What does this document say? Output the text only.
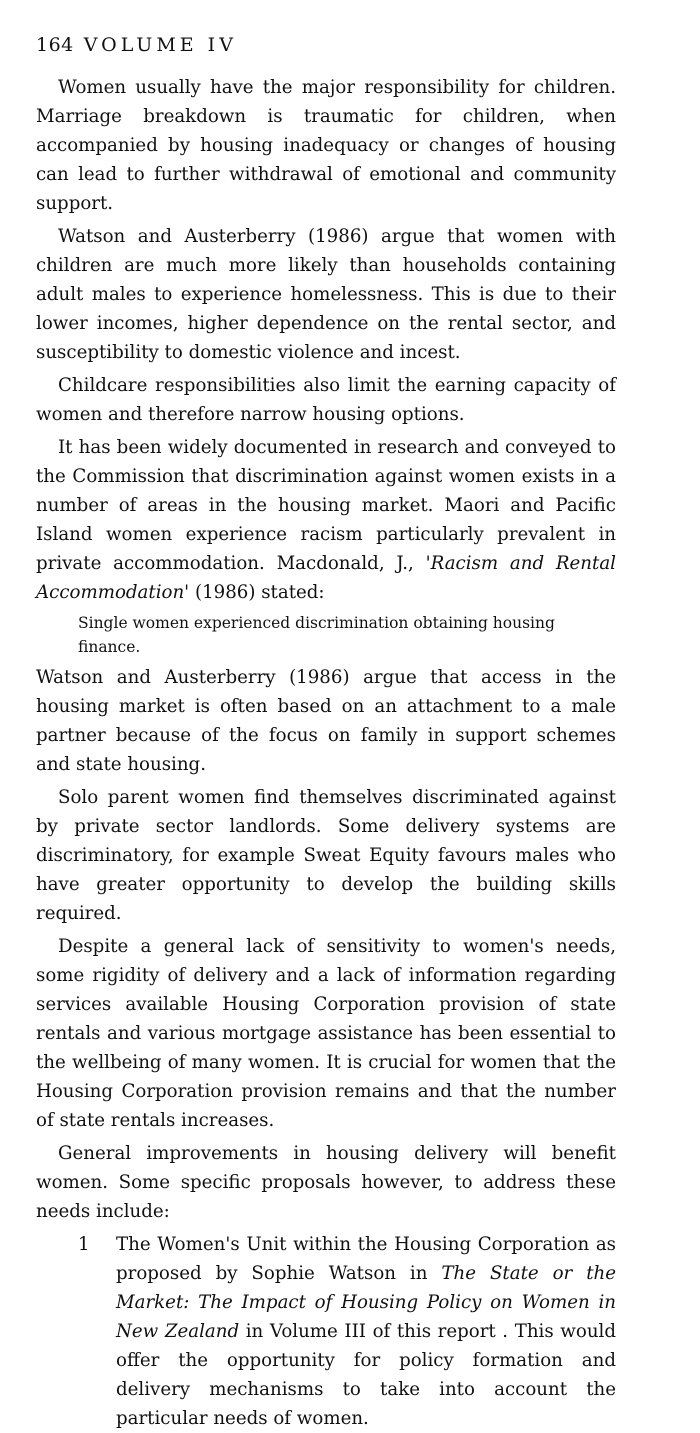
164 VOLUME IV

Women usually have the major responsibility for children. Marriage breakdown is traumatic for children, when accompanied by housing inadequacy or changes of housing can lead to further withdrawal of emotional and community support.

Watson and Austerberry (1986) argue that women with children are much more likely than households containing adult males to experience homelessness. This is due to their lower incomes, higher dependence on the rental sector, and susceptibility to domestic violence and incest.

Childcare responsibilities also limit the earning capacity of women and therefore narrow housing options.

It has been widely documented in research and conveyed to the Commission that discrimination against women exists in a number of areas in the housing market. Maori and Pacific Island women experience racism particularly prevalent in private accommodation. Macdonald, J., 'Racism and Rental Accommodation' (1986) stated:

Single women experienced discrimination obtaining housing finance.

Watson and Austerberry (1986) argue that access in the housing market is often based on an attachment to a male partner because of the focus on family in support schemes and state housing.

Solo parent women find themselves discriminated against by private sector landlords. Some delivery systems are discriminatory, for example Sweat Equity favours males who have greater opportunity to develop the building skills required.

Despite a general lack of sensitivity to women's needs, some rigidity of delivery and a lack of information regarding services available Housing Corporation provision of state rentals and various mortgage assistance has been essential to the wellbeing of many women. It is crucial for women that the Housing Corporation provision remains and that the number of state rentals increases.

General improvements in housing delivery will benefit women. Some specific proposals however, to address these needs include:

1	The Women's Unit within the Housing Corporation as proposed by Sophie Watson in The State or the Market: The Impact of Housing Policy on Women in New Zealand in Volume III of this report . This would offer the opportunity for policy formation and delivery mechanisms to take into account the particular needs of women.
